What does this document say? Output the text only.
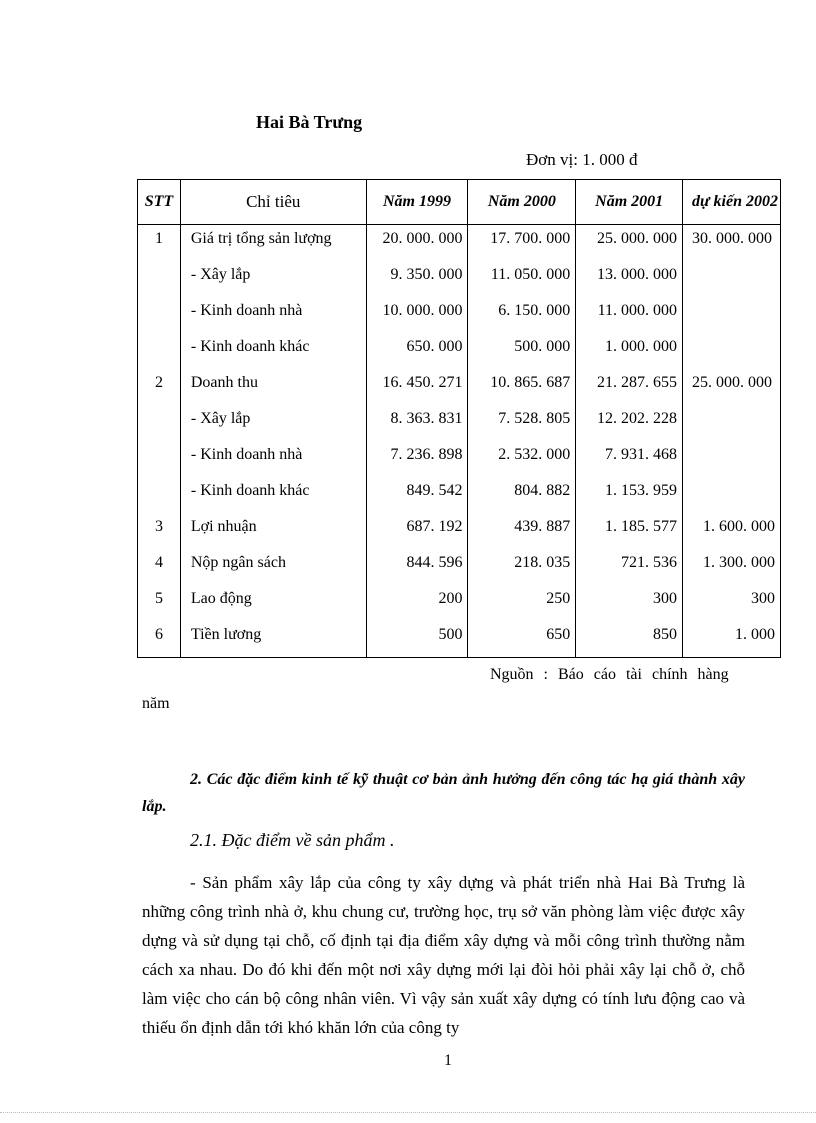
Hai Bà Trưng
Đơn vị: 1. 000 đ
STT	Chỉ tiêu	Năm 1999	Năm 2000	Năm 2001	dự kiến 2002
1	Giá trị tổng sản lượng	20. 000. 000	17. 700. 000	25. 000. 000	30. 000. 000
	- Xây lắp	9. 350. 000	11. 050. 000	13. 000. 000	
	- Kinh doanh nhà	10. 000. 000	6. 150. 000	11. 000. 000	
	- Kinh doanh khác	650. 000	500. 000	1. 000. 000	
2	Doanh thu	16. 450. 271	10. 865. 687	21. 287. 655	25. 000. 000
	- Xây lắp	8. 363. 831	7. 528. 805	12. 202. 228	
	- Kinh doanh nhà	7. 236. 898	2. 532. 000	7. 931. 468	
	- Kinh doanh khác	849. 542	804. 882	1. 153. 959	
3	Lợi nhuận	687. 192	439. 887	1. 185. 577	1. 600. 000
4	Nộp ngân sách	844. 596	218. 035	721. 536	1. 300. 000
5	Lao động	200	250	300	300
6	Tiền lương	500	650	850	1. 000
Nguồn : Báo cáo tài chính hàng
năm
2. Các đặc điểm kinh tế kỹ thuật cơ bản ảnh hưởng đến công tác hạ giá thành xây lắp.
2.1. Đặc điểm về sản phẩm .
- Sản phẩm xây lắp của công ty xây dựng và phát triển nhà Hai Bà Trưng là những công trình nhà ở, khu chung cư, trường học, trụ sở văn phòng làm việc được xây dựng và sử dụng tại chỗ, cố định tại địa điểm xây dựng và mỗi công trình thường nằm cách xa nhau. Do đó khi đến một nơi xây dựng mới lại đòi hỏi phải xây lại chỗ ở, chỗ làm việc cho cán bộ công nhân viên. Vì vậy sản xuất xây dựng có tính lưu động cao và thiếu ổn định dẫn tới khó khăn lớn của công ty
1
